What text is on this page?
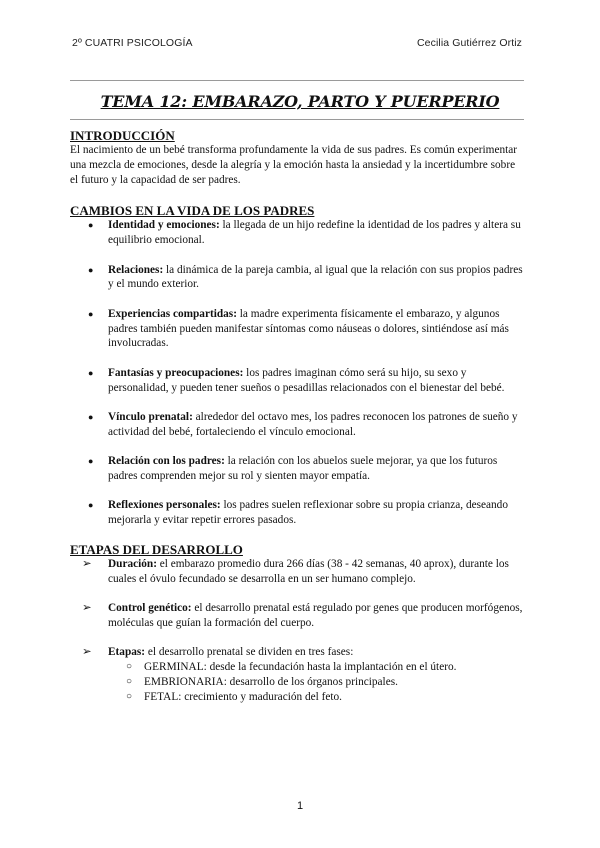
2º CUATRI PSICOLOGÍA	Cecilia Gutiérrez Ortiz
TEMA 12: EMBARAZO, PARTO Y PUERPERIO
INTRODUCCIÓN

El nacimiento de un bebé transforma profundamente la vida de sus padres. Es común experimentar una mezcla de emociones, desde la alegría y la emoción hasta la ansiedad y la incertidumbre sobre el futuro y la capacidad de ser padres.

CAMBIOS EN LA VIDA DE LOS PADRES
● Identidad y emociones: la llegada de un hijo redefine la identidad de los padres y altera su equilibrio emocional.
● Relaciones: la dinámica de la pareja cambia, al igual que la relación con sus propios padres y el mundo exterior.
● Experiencias compartidas: la madre experimenta físicamente el embarazo, y algunos padres también pueden manifestar síntomas como náuseas o dolores, sintiéndose así más involucradas.
● Fantasías y preocupaciones: los padres imaginan cómo será su hijo, su sexo y personalidad, y pueden tener sueños o pesadillas relacionados con el bienestar del bebé.
● Vínculo prenatal: alrededor del octavo mes, los padres reconocen los patrones de sueño y actividad del bebé, fortaleciendo el vínculo emocional.
● Relación con los padres: la relación con los abuelos suele mejorar, ya que los futuros padres comprenden mejor su rol y sienten mayor empatía.
● Reflexiones personales: los padres suelen reflexionar sobre su propia crianza, deseando mejorarla y evitar repetir errores pasados.
ETAPAS DEL DESARROLLO
➢ Duración: el embarazo promedio dura 266 días (38 - 42 semanas, 40 aprox), durante los cuales el óvulo fecundado se desarrolla en un ser humano complejo.
➢ Control genético: el desarrollo prenatal está regulado por genes que producen morfógenos, moléculas que guían la formación del cuerpo.
➢ Etapas: el desarrollo prenatal se dividen en tres fases:
○ GERMINAL: desde la fecundación hasta la implantación en el útero.
○ EMBRIONARIA: desarrollo de los órganos principales.
○ FETAL: crecimiento y maduración del feto.
1
